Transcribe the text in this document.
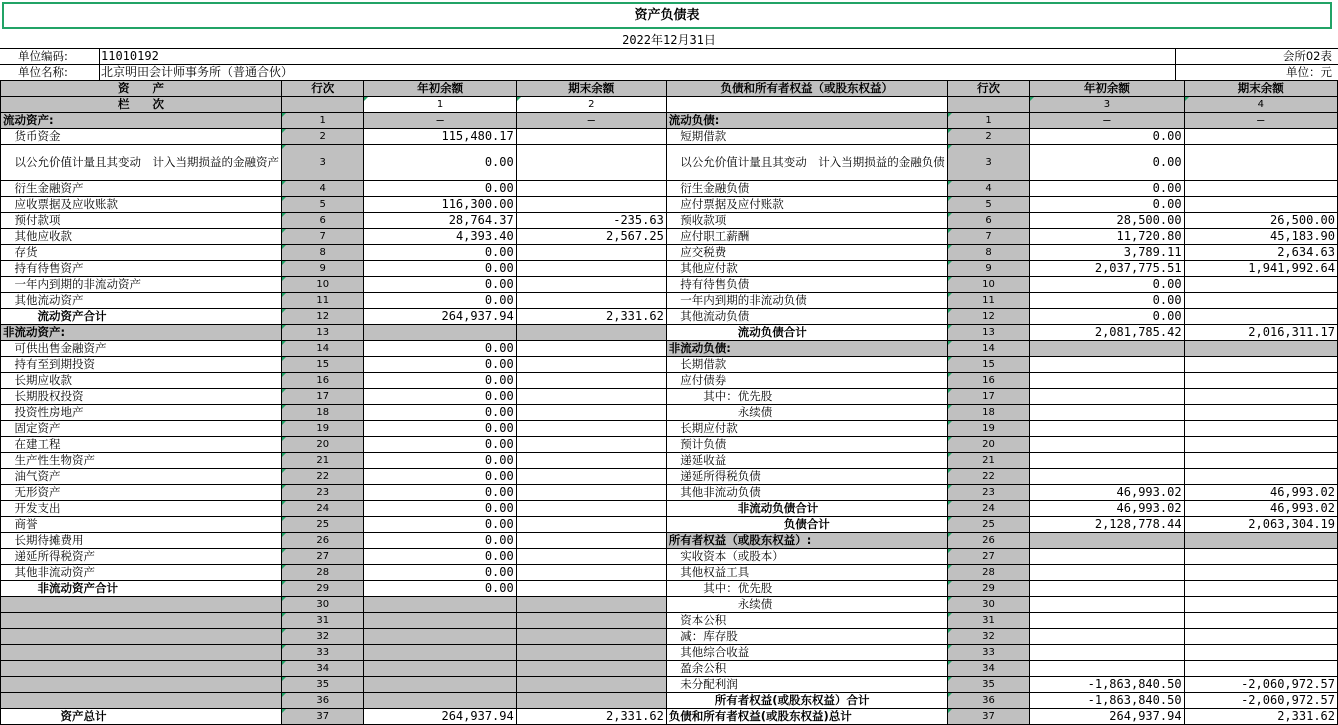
资产负债表
2022年12月31日
单位编码:	11010192	会所02表
单位名称:	北京明田会计师事务所（普通合伙）	单位：元
资　　产	行次	年初余额	期末余额	负债和所有者权益（或股东权益）	行次	年初余额	期末余额
栏　　次		1	2			3	4
流动资产:	1	—	—	流动负债:	1	—	—
　货币资金	2	115,480.17		　短期借款	2	0.00	
　以公允价值计量且其变动　计入当期损益的金融资产	3	0.00		　以公允价值计量且其变动　计入当期损益的金融负债	3	0.00	
　衍生金融资产	4	0.00		　衍生金融负债	4	0.00	
　应收票据及应收账款	5	116,300.00		　应付票据及应付账款	5	0.00	
　预付款项	6	28,764.37	-235.63	　预收款项	6	28,500.00	26,500.00
　其他应收款	7	4,393.40	2,567.25	　应付职工薪酬	7	11,720.80	45,183.90
　存货	8	0.00		　应交税费	8	3,789.11	2,634.63
　持有待售资产	9	0.00		　其他应付款	9	2,037,775.51	1,941,992.64
　一年内到期的非流动资产	10	0.00		　持有待售负债	10	0.00	
　其他流动资产	11	0.00		　一年内到期的非流动负债	11	0.00	
　　　流动资产合计	12	264,937.94	2,331.62	　其他流动负债	12	0.00	
非流动资产:	13			　　　　　　流动负债合计	13	2,081,785.42	2,016,311.17
　可供出售金融资产	14	0.00		非流动负债:	14		
　持有至到期投资	15	0.00		　长期借款	15		
　长期应收款	16	0.00		　应付债券	16		
　长期股权投资	17	0.00		　　　其中：优先股	17		
　投资性房地产	18	0.00		　　　　　　永续债	18		
　固定资产	19	0.00		　长期应付款	19		
　在建工程	20	0.00		　预计负债	20		
　生产性生物资产	21	0.00		　递延收益	21		
　油气资产	22	0.00		　递延所得税负债	22		
　无形资产	23	0.00		　其他非流动负债	23	46,993.02	46,993.02
　开发支出	24	0.00		　　　　　　非流动负债合计	24	46,993.02	46,993.02
　商誉	25	0.00		　　　　　　　　　　负债合计	25	2,128,778.44	2,063,304.19
　长期待摊费用	26	0.00		所有者权益（或股东权益）:	26		
　递延所得税资产	27	0.00		　实收资本（或股本）	27		
　其他非流动资产	28	0.00		　其他权益工具	28		
　　　非流动资产合计	29	0.00		　　　其中：优先股	29		
	30			　　　　　　永续债	30		
	31			　资本公积	31		
	32			　减：库存股	32		
	33			　其他综合收益	33		
	34			　盈余公积	34		
	35			　未分配利润	35	-1,863,840.50	-2,060,972.57
	36			　　　　所有者权益(或股东权益）合计	36	-1,863,840.50	-2,060,972.57
　　　　　资产总计	37	264,937.94	2,331.62	负债和所有者权益(或股东权益)总计	37	264,937.94	2,331.62
